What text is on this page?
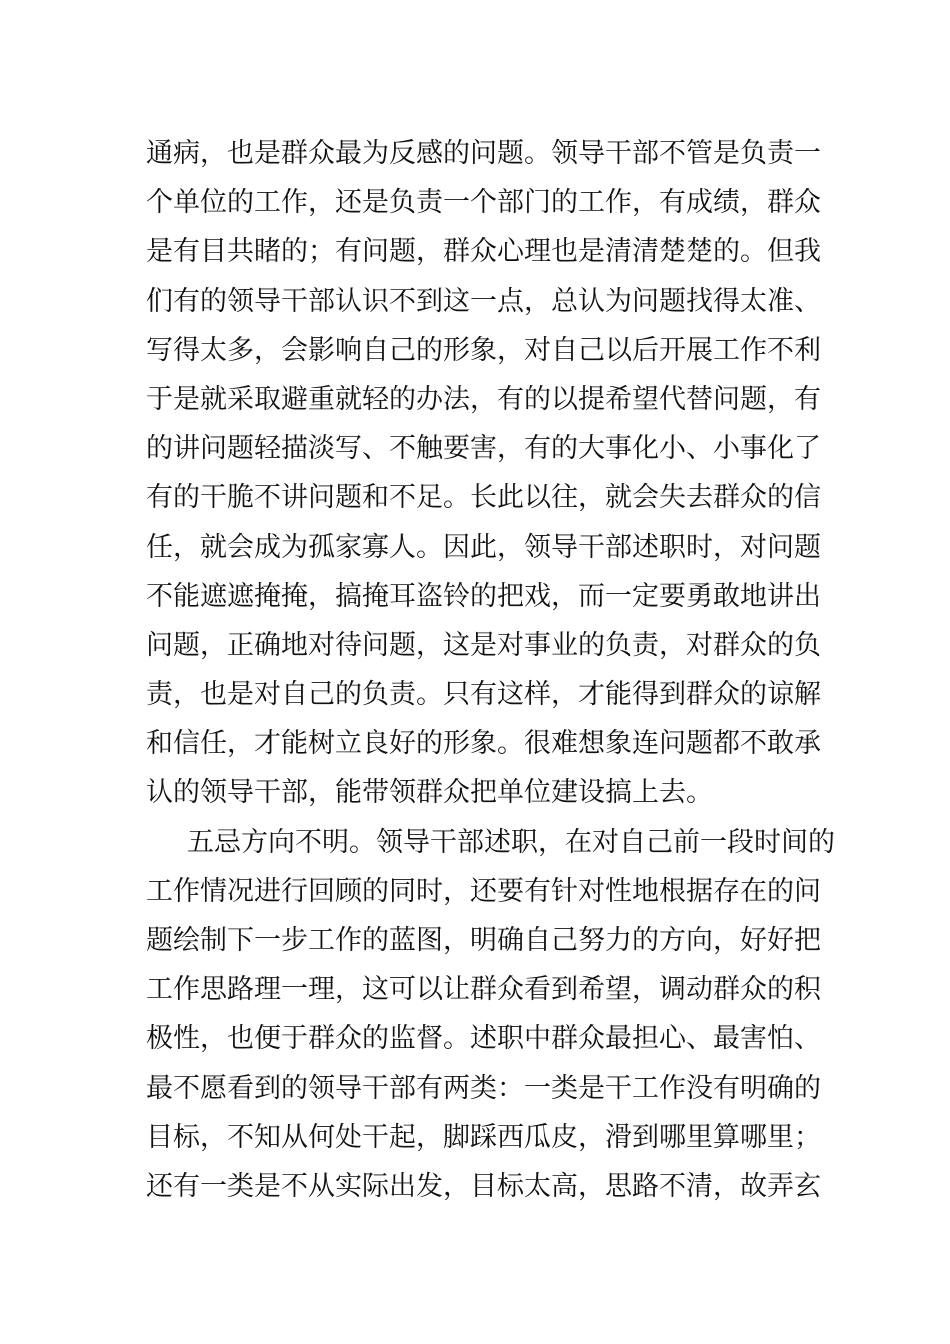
通病，也是群众最为反感的问题。领导干部不管是负责一
个单位的工作，还是负责一个部门的工作，有成绩，群众
是有目共睹的；有问题，群众心理也是清清楚楚的。但我
们有的领导干部认识不到这一点，总认为问题找得太准、
写得太多，会影响自己的形象，对自己以后开展工作不利
于是就采取避重就轻的办法，有的以提希望代替问题，有
的讲问题轻描淡写、不触要害，有的大事化小、小事化了
有的干脆不讲问题和不足。长此以往，就会失去群众的信
任，就会成为孤家寡人。因此，领导干部述职时，对问题
不能遮遮掩掩，搞掩耳盗铃的把戏，而一定要勇敢地讲出
问题，正确地对待问题，这是对事业的负责，对群众的负
责，也是对自己的负责。只有这样，才能得到群众的谅解
和信任，才能树立良好的形象。很难想象连问题都不敢承
认的领导干部，能带领群众把单位建设搞上去。
五忌方向不明。领导干部述职，在对自己前一段时间的
工作情况进行回顾的同时，还要有针对性地根据存在的问
题绘制下一步工作的蓝图，明确自己努力的方向，好好把
工作思路理一理，这可以让群众看到希望，调动群众的积
极性，也便于群众的监督。述职中群众最担心、最害怕、
最不愿看到的领导干部有两类：一类是干工作没有明确的
目标，不知从何处干起，脚踩西瓜皮，滑到哪里算哪里；
还有一类是不从实际出发，目标太高，思路不清，故弄玄
